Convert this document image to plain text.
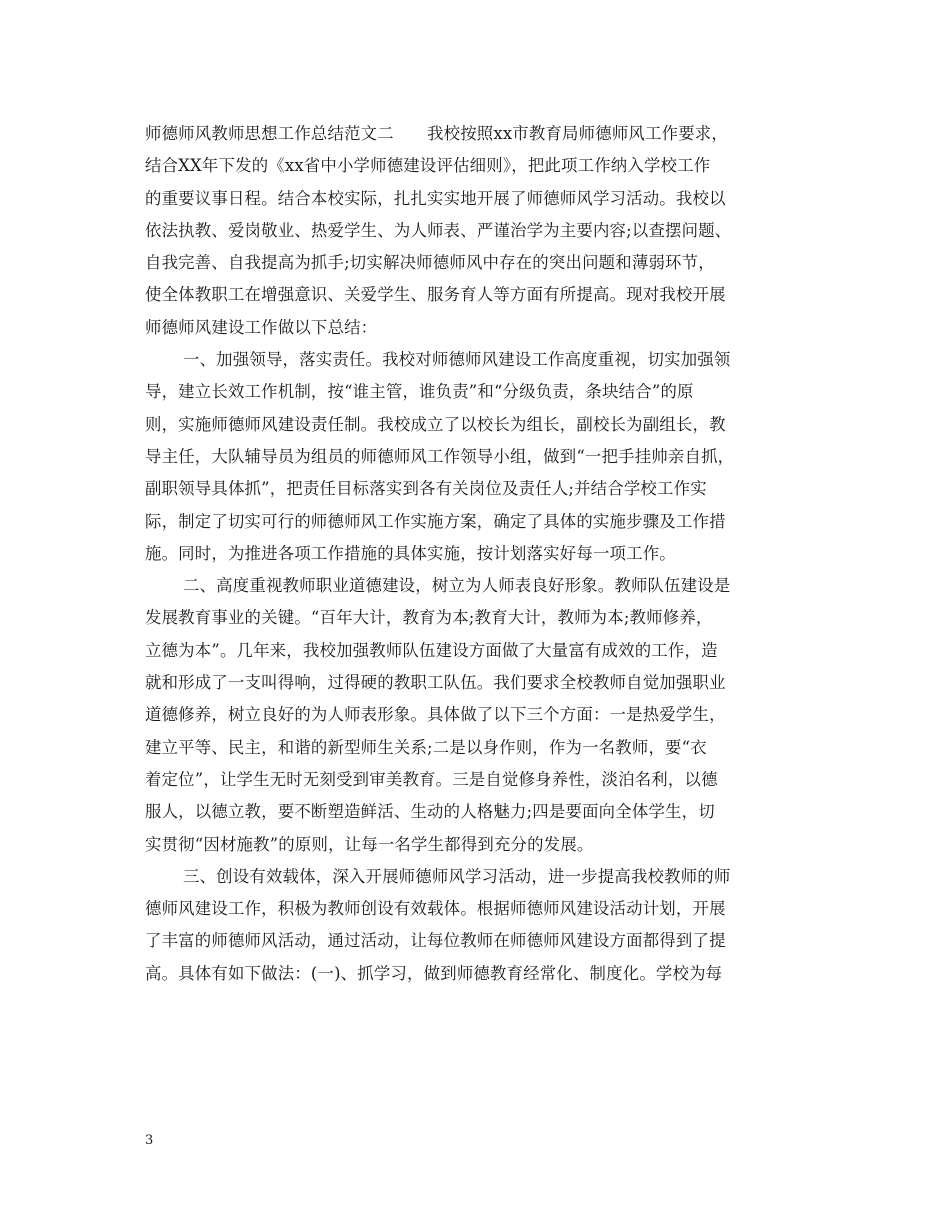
师德师风教师思想工作总结范文二　　我校按照xx市教育局师德师风工作要求，
结合XX年下发的《xx省中小学师德建设评估细则》，把此项工作纳入学校工作
的重要议事日程。结合本校实际，扎扎实实地开展了师德师风学习活动。我校以
依法执教、爱岗敬业、热爱学生、为人师表、严谨治学为主要内容;以查摆问题、
自我完善、自我提高为抓手;切实解决师德师风中存在的突出问题和薄弱环节，
使全体教职工在增强意识、关爱学生、服务育人等方面有所提高。现对我校开展
师德师风建设工作做以下总结：

一、加强领导，落实责任。我校对师德师风建设工作高度重视，切实加强领
导，建立长效工作机制，按“谁主管，谁负责”和“分级负责，条块结合”的原
则，实施师德师风建设责任制。我校成立了以校长为组长，副校长为副组长，教
导主任，大队辅导员为组员的师德师风工作领导小组，做到“一把手挂帅亲自抓，
副职领导具体抓”，把责任目标落实到各有关岗位及责任人;并结合学校工作实
际，制定了切实可行的师德师风工作实施方案，确定了具体的实施步骤及工作措
施。同时，为推进各项工作措施的具体实施，按计划落实好每一项工作。

二、高度重视教师职业道德建设，树立为人师表良好形象。教师队伍建设是
发展教育事业的关键。“百年大计，教育为本;教育大计，教师为本;教师修养，
立德为本”。几年来，我校加强教师队伍建设方面做了大量富有成效的工作，造
就和形成了一支叫得响，过得硬的教职工队伍。我们要求全校教师自觉加强职业
道德修养，树立良好的为人师表形象。具体做了以下三个方面：一是热爱学生，
建立平等、民主，和谐的新型师生关系;二是以身作则，作为一名教师，要“衣
着定位”，让学生无时无刻受到审美教育。三是自觉修身养性，淡泊名利，以德
服人，以德立教，要不断塑造鲜活、生动的人格魅力;四是要面向全体学生，切
实贯彻“因材施教”的原则，让每一名学生都得到充分的发展。

三、创设有效载体，深入开展师德师风学习活动，进一步提高我校教师的师
德师风建设工作，积极为教师创设有效载体。根据师德师风建设活动计划，开展
了丰富的师德师风活动，通过活动，让每位教师在师德师风建设方面都得到了提
高。具体有如下做法：(一)、抓学习，做到师德教育经常化、制度化。学校为每

3
